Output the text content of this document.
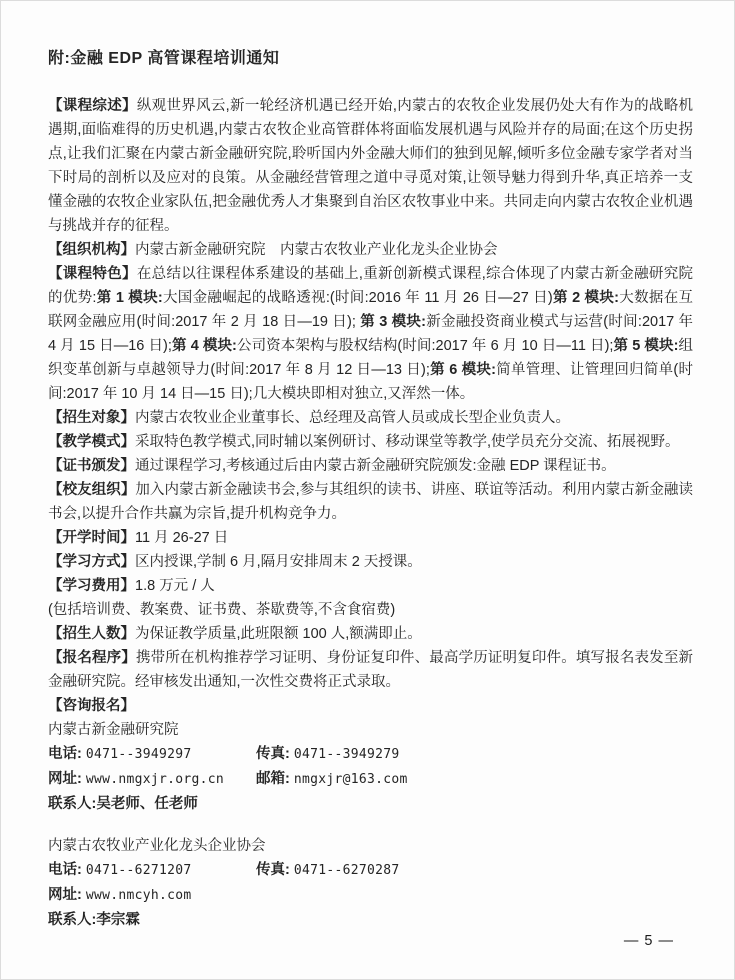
附:金融 EDP 高管课程培训通知

【课程综述】纵观世界风云,新一轮经济机遇已经开始,内蒙古的农牧企业发展仍处大有作为的战略机遇期,面临难得的历史机遇,内蒙古农牧企业高管群体将面临发展机遇与风险并存的局面;在这个历史拐点,让我们汇聚在内蒙古新金融研究院,聆听国内外金融大师们的独到见解,倾听多位金融专家学者对当下时局的剖析以及应对的良策。从金融经营管理之道中寻觅对策,让领导魅力得到升华,真正培养一支懂金融的农牧企业家队伍,把金融优秀人才集聚到自治区农牧事业中来。共同走向内蒙古农牧企业机遇与挑战并存的征程。

【组织机构】内蒙古新金融研究院　内蒙古农牧业产业化龙头企业协会

【课程特色】在总结以往课程体系建设的基础上,重新创新模式课程,综合体现了内蒙古新金融研究院的优势:第 1 模块:大国金融崛起的战略透视:(时间:2016 年 11 月 26 日—27 日)第 2 模块:大数据在互联网金融应用(时间:2017 年 2 月 18 日—19 日); 第 3 模块:新金融投资商业模式与运营(时间:2017 年 4 月 15 日—16 日);第 4 模块:公司资本架构与股权结构(时间:2017 年 6 月 10 日—11 日);第 5 模块:组织变革创新与卓越领导力(时间:2017 年 8 月 12 日—13 日);第 6 模块:简单管理、让管理回归简单(时间:2017 年 10 月 14 日—15 日);几大模块即相对独立,又浑然一体。

【招生对象】内蒙古农牧业企业董事长、总经理及高管人员或成长型企业负责人。

【教学模式】采取特色教学模式,同时辅以案例研讨、移动课堂等教学,使学员充分交流、拓展视野。

【证书颁发】通过课程学习,考核通过后由内蒙古新金融研究院颁发:金融 EDP 课程证书。

【校友组织】加入内蒙古新金融读书会,参与其组织的读书、讲座、联谊等活动。利用内蒙古新金融读书会,以提升合作共赢为宗旨,提升机构竞争力。

【开学时间】11 月 26-27 日

【学习方式】区内授课,学制 6 月,隔月安排周末 2 天授课。

【学习费用】1.8 万元 / 人

(包括培训费、教案费、证书费、茶歇费等,不含食宿费)

【招生人数】为保证教学质量,此班限额 100 人,额满即止。

【报名程序】携带所在机构推荐学习证明、身份证复印件、最高学历证明复印件。填写报名表发至新金融研究院。经审核发出通知,一次性交费将正式录取。

【咨询报名】

内蒙古新金融研究院

电话: 0471--3949297	传真: 0471--3949279

网址: www.nmgxjr.org.cn 邮箱: nmgxjr@163.com

联系人:吴老师、任老师

内蒙古农牧业产业化龙头企业协会

电话: 0471--6271207	传真: 0471--6270287

网址: www.nmcyh.com

联系人:李宗霖

— 5 —
